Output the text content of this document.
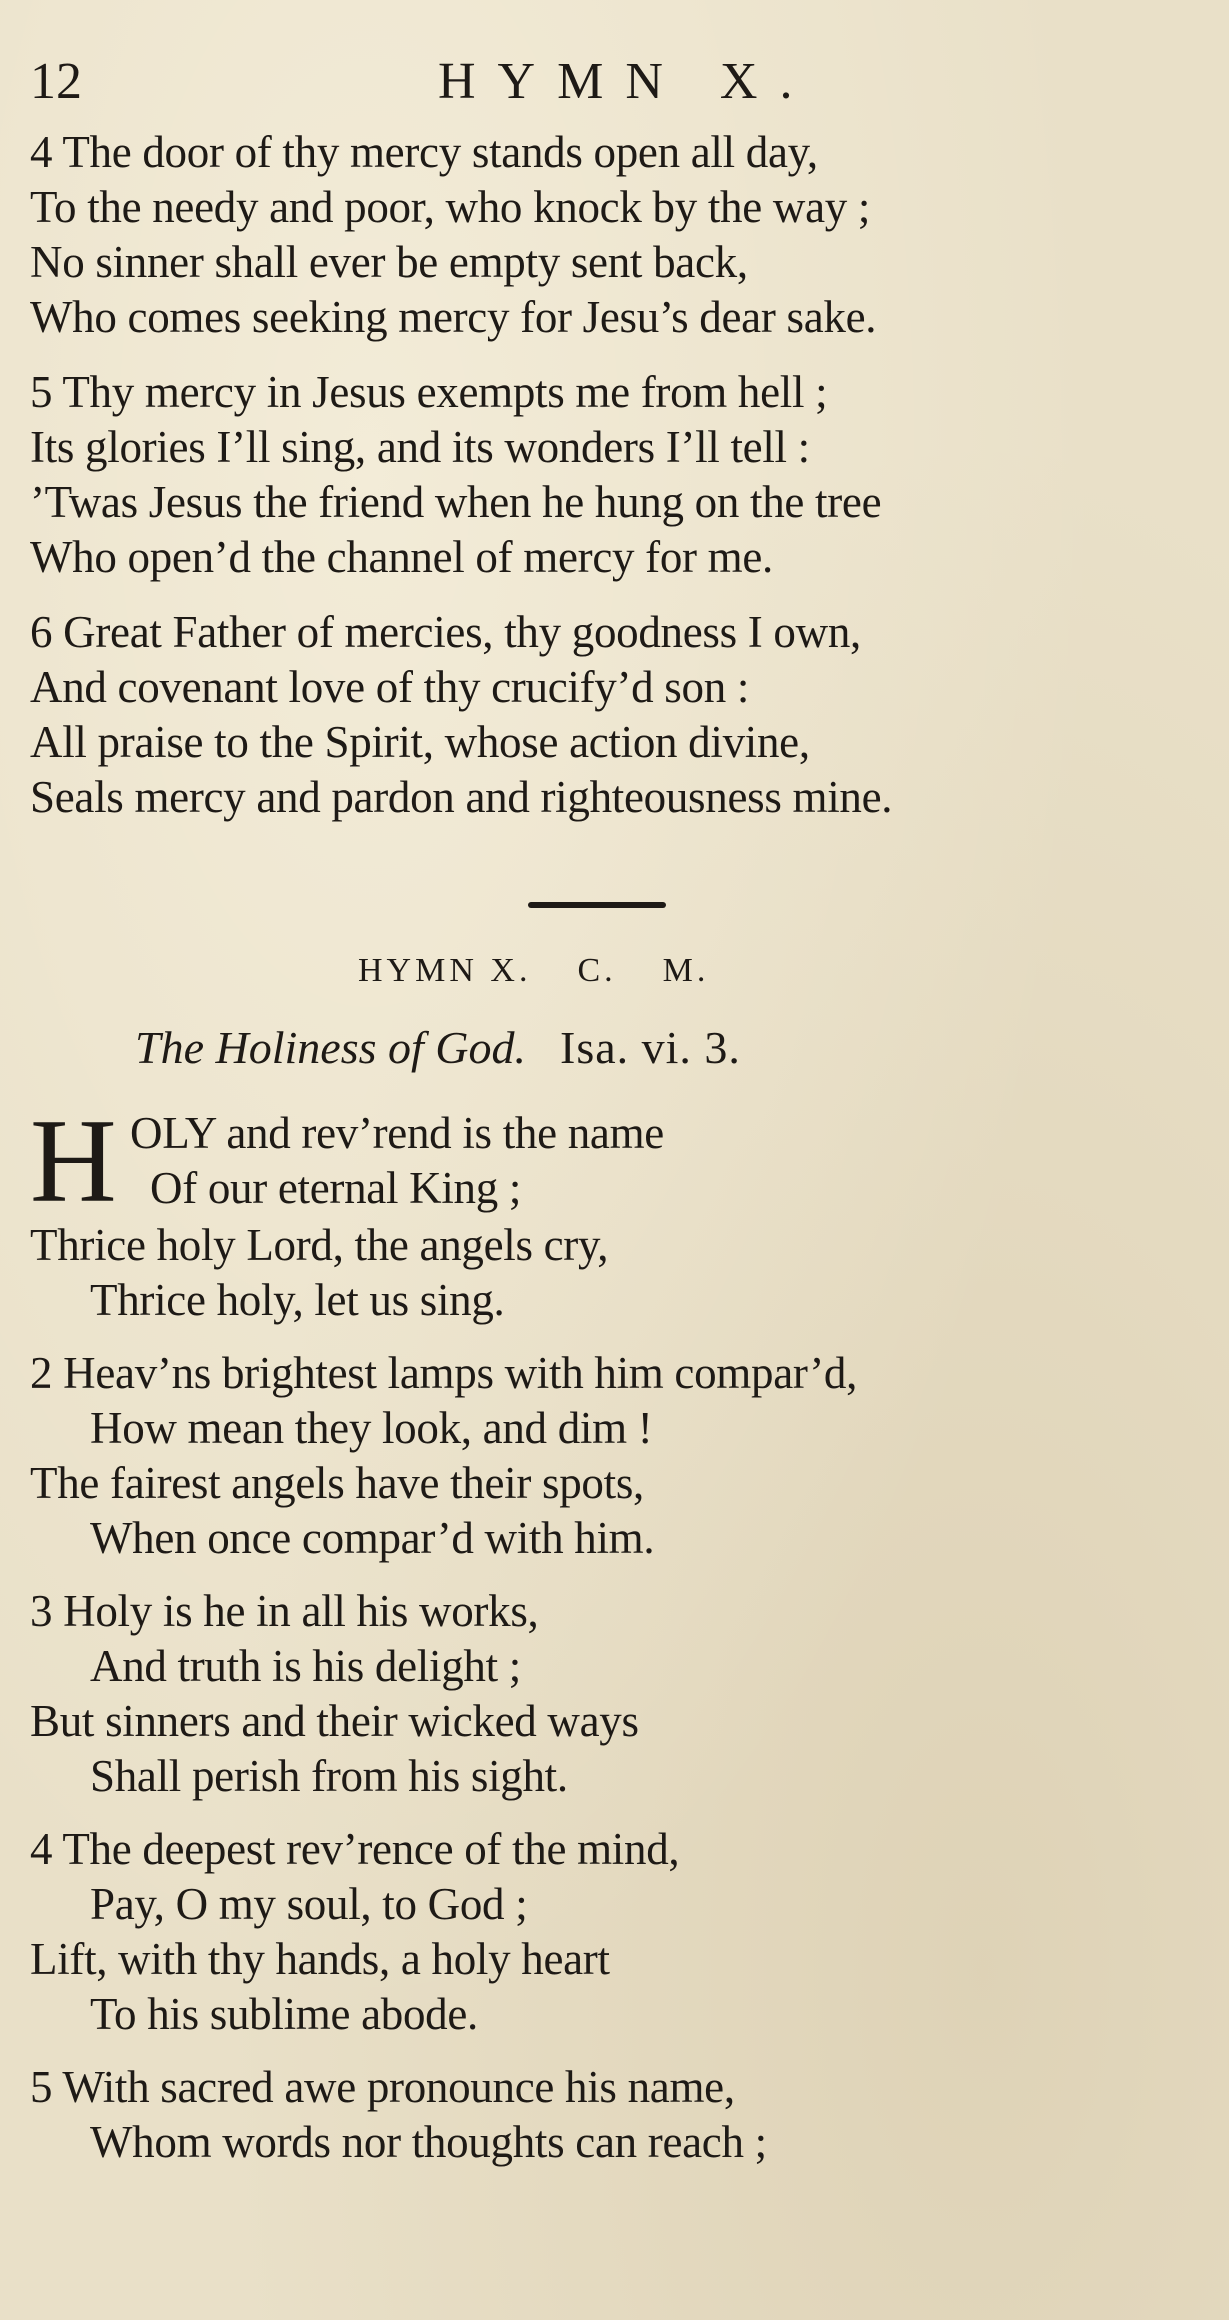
12	HYMN X.
4 The door of thy mercy stands open all day,
To the needy and poor, who knock by the way ;
No sinner shall ever be empty sent back,
Who comes seeking mercy for Jesu’s dear sake.
5 Thy mercy in Jesus exempts me from hell ;
Its glories I’ll sing, and its wonders I’ll tell :
’Twas Jesus the friend when he hung on the tree
Who open’d the channel of mercy for me.
6 Great Father of mercies, thy goodness I own,
And covenant love of thy crucify’d son :
All praise to the Spirit, whose action divine,
Seals mercy and pardon and righteousness mine.
HYMN X. C. M.
The Holiness of God. Isa. vi. 3.
H OLY and rev’rend is the name
Of our eternal King ;
Thrice holy Lord, the angels cry,
Thrice holy, let us sing.
2 Heav’ns brightest lamps with him compar’d,
How mean they look, and dim !
The fairest angels have their spots,
When once compar’d with him.
3 Holy is he in all his works,
And truth is his delight ;
But sinners and their wicked ways
Shall perish from his sight.
4 The deepest rev’rence of the mind,
Pay, O my soul, to God ;
Lift, with thy hands, a holy heart
To his sublime abode.
5 With sacred awe pronounce his name,
Whom words nor thoughts can reach ;
